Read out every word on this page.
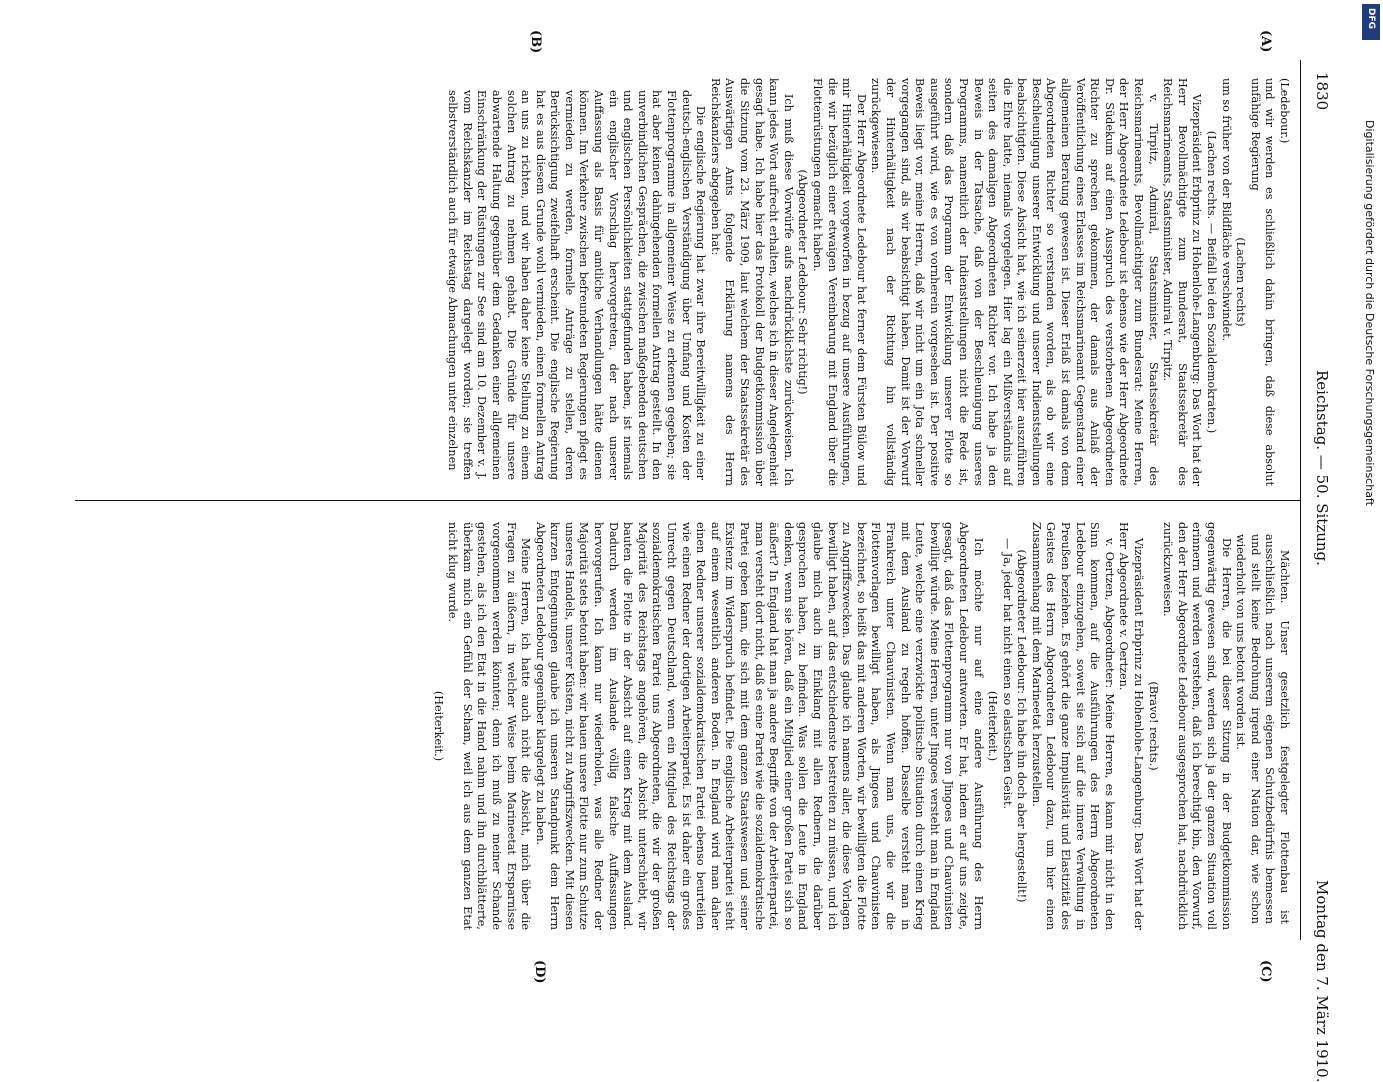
1830
Reichstag. — 50. Sitzung.
Montag den 7. März 1910.
(A)
(B)
(C)
(D)

(Ledebour.)

und wir werden es schließlich dahin bringen, daß diese absolut unfähige Regierung

(Lachen rechts)

um so früher von der Bildfläche verschwindet.

(Lachen rechts. — Beifall bei den Sozialdemokraten.)

Vizepräsident Erbprinz zu Hohenlohe-Langenburg: Das Wort hat der Herr Bevollmächtigte zum Bundesrat, Staatssekretär des Reichsmarineamts, Staatsminister, Admiral v. Tirpitz.

v. Tirpitz, Admiral, Staatsminister, Staatssekretär des Reichsmarineamts, Bevollmächtigter zum Bundesrat: Meine Herren, der Herr Abgeordnete Ledebour ist ebenso wie der Herr Abgeordnete Dr. Südekum auf einen Ausspruch des verstorbenen Abgeordneten Richter zu sprechen gekommen, der damals aus Anlaß der Veröffentlichung eines Erlasses im Reichsmarineamt Gegenstand einer allgemeinen Beratung gewesen ist. Dieser Erlaß ist damals von dem Abgeordneten Richter so verstanden worden, als ob wir eine Beschleunigung unserer Entwicklung und unserer Indienststellungen beabsichtigten. Diese Absicht hat, wie ich seinerzeit hier auszuführen die Ehre hatte, niemals vorgelegen. Hier lag ein Mißverständnis auf seiten des damaligen Abgeordneten Richter vor. Ich habe ja den Beweis in der Tatsache, daß von der Beschleunigung unseres Programms, namentlich der Indienststellungen nicht die Rede ist, sondern daß das Programm der Entwicklung unserer Flotte so ausgeführt wird, wie es von vornherein vorgesehen ist. Der positive Beweis liegt vor, meine Herren, daß wir nicht um ein Jota schneller vorgegangen sind, als wir beabsichtigt haben. Damit ist der Vorwurf der Hinterhältigkeit nach der Richtung hin vollständig zurückgewiesen.

Der Herr Abgeordnete Ledebour hat ferner dem Fürsten Bülow und mir Hinterhältigkeit vorgeworfen in bezug auf unsere Ausführungen, die wir bezüglich einer etwaigen Vereinbarung mit England über die Flottenrüstungen gemacht haben.

(Abgeordneter Ledebour: Sehr richtig!)

Ich muß diese Vorwürfe aufs nachdrücklichste zurückweisen. Ich kann jedes Wort aufrecht erhalten, welches ich in dieser Angelegenheit gesagt habe. Ich habe hier das Protokoll der Budgetkommission über die Sitzung vom 23. März 1909, laut welchem der Staatssekretär des Auswärtigen Amts folgende Erklärung namens des Herrn Reichskanzlers abgegeben hat:

Die englische Regierung hat zwar ihre Bereitwilligkeit zu einer deutsch-englischen Verständigung über Umfang und Kosten der Flottenprogramme in allgemeiner Weise zu erkennen gegeben; sie hat aber keinen dahingehenden formellen Antrag gestellt. In den unverbindlichen Gesprächen, die zwischen maßgebenden deutschen und englischen Persönlichkeiten stattgefunden haben, ist niemals ein englischer Vorschlag hervorgetreten, der nach unserer Auffassung als Basis für amtliche Verhandlungen hätte dienen können. Im Verkehre zwischen befreundeten Regierungen pflegt es vermieden zu werden, formelle Anträge zu stellen, deren Berücksichtigung zweifelhaft erscheint. Die englische Regierung hat es aus diesem Grunde wohl vermieden, einen formellen Antrag an uns zu richten, und wir haben daher keine Stellung zu einem solchen Antrag zu nehmen gehabt. Die Gründe für unsere abwartende Haltung gegenüber dem Gedanken einer allgemeinen Einschränkung der Rüstungen zur See sind am 10. Dezember v. J. vom Reichskanzler im Reichstag dargelegt worden; sie treffen selbstverständlich auch für etwaige Abmachungen unter einzelnen

Mächten. Unser gesetzlich festgelegter Flottenbau ist ausschließlich nach unserem eigenen Schutzbedürfnis bemessen und stellt keine Bedrohung irgend einer Nation dar, wie schon wiederholt von uns betont worden ist.

Die Herren, die bei dieser Sitzung in der Budgetkommission gegenwärtig gewesen sind, werden sich ja der ganzen Situation voll erinnern und werden verstehen, daß ich berechtigt bin, den Vorwurf, den der Herr Abgeordnete Ledebour ausgesprochen hat, nachdrücklich zurückzuweisen.

(Bravo! rechts.)

Vizepräsident Erbprinz zu Hohenlohe-Langenburg: Das Wort hat der Herr Abgeordnete v. Oertzen.

v. Oertzen, Abgeordneter: Meine Herren, es kann mir nicht in den Sinn kommen, auf die Ausführungen des Herrn Abgeordneten Ledebour einzugehen, soweit sie sich auf die innere Verwaltung in Preußen beziehen. Es gehört die ganze Impulsivität und Elastizität des Geistes des Herrn Abgeordneten Ledebour dazu, um hier einen Zusammenhang mit dem Marineetat herzustellen.

(Abgeordneter Ledebour: Ich habe ihn doch aber hergestellt!)

— Ja, jeder hat nicht einen so elastischen Geist.

(Heiterkeit.)

Ich möchte nur auf eine andere Ausführung des Herrn Abgeordneten Ledebour antworten. Er hat, indem er auf uns zeigte, gesagt, daß das Flottenprogramm nur von Jingoes und Chauvinisten bewilligt würde. Meine Herren, unter Jingoes versteht man in England Leute, welche eine verzwickte politische Situation durch einen Krieg mit dem Ausland zu regeln hoffen. Dasselbe versteht man in Frankreich unter Chauvinisten. Wenn man uns, die wir die Flottenvorlagen bewilligt haben, als Jingoes und Chauvinisten bezeichnet, so heißt das mit anderen Worten, wir bewilligten die Flotte zu Angriffszwecken. Das glaube ich namens aller, die diese Vorlagen bewilligt haben, auf das entschiedenste bestreiten zu müssen, und ich glaube mich auch im Einklang mit allen Rednern, die darüber gesprochen haben, zu befinden. Was sollen die Leute in England denken, wenn sie hören, daß ein Mitglied einer großen Partei sich so äußert? In England hat man ja andere Begriffe von der Arbeiterpartei, man versteht dort nicht, daß es eine Partei wie die sozialdemokratische Partei geben kann, die sich mit dem ganzen Staatswesen und seiner Existenz im Widerspruch befindet. Die englische Arbeiterpartei steht auf einem wesentlich anderen Boden. In England wird man daher einen Redner unserer sozialdemokratischen Partei ebenso beurteilen wie einen Redner der dortigen Arbeiterpartei. Es ist daher ein großes Unrecht gegen Deutschland, wenn ein Mitglied des Reichstags der sozialdemokratischen Partei uns Abgeordneten, die wir der großen Majorität des Reichstags angehören, die Absicht unterschiebt, wir bauten die Flotte in der Absicht auf einen Krieg mit dem Ausland. Dadurch werden im Auslande völlig falsche Auffassungen hervorgerufen. Ich kann nur wiederholen, was alle Redner der Majorität stets betont haben: wir bauen unsere Flotte nur zum Schutze unseres Handels, unserer Küsten, nicht zu Angriffszwecken. Mit diesen kurzen Entgegnungen glaube ich unseren Standpunkt dem Herrn Abgeordneten Ledebour gegenüber klargelegt zu haben.

Meine Herren, ich hatte auch nicht die Absicht, mich über die Fragen zu äußern, in welcher Weise beim Marineetat Ersparnisse vorgenommen werden könnten; denn ich muß zu meiner Schande gestehen, als ich den Etat in die Hand nahm und ihn durchblätterte, überkam mich ein Gefühl der Scham, weil ich aus dem ganzen Etat nicht klug wurde.

(Heiterkeit.)

DFG
Digitalisierung gefördert durch die Deutsche Forschungsgemeinschaft
